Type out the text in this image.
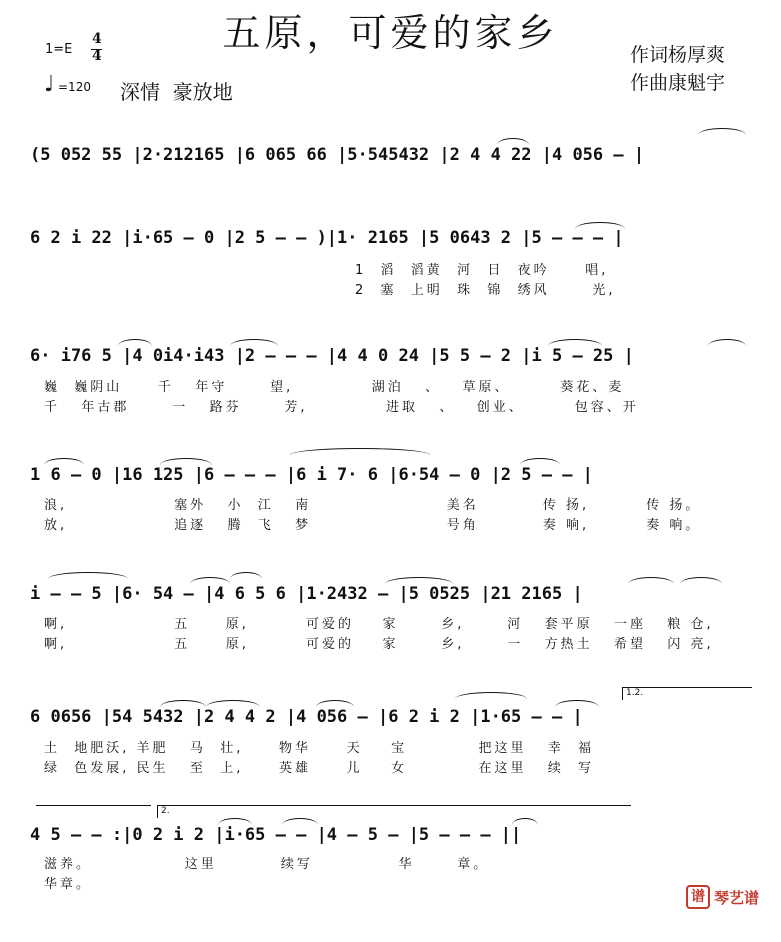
五原，可爱的家乡
1=E
4
4
♩ =120 深情  豪放地
作词杨厚爽
作曲康魁宇
(5 052 55 |2·212165 |6 065 66 |5·545432 |2 4 4 22 |4 056 — |
6 2 i 22 |i·65 — 0 |2 5 — — )|1· 2165 |5 0643 2 |5 — — — |
1  滔  滔黄  河  日  夜吟     唱,
2  塞  上明  珠  锦  绣风      光,
6· i76 5 |4 0i4·i43 |2 — — — |4 4 0 24 |5 5 — 2 |i 5 — 25 |
巍  巍阴山     千   年守      望,           湖泊   、   草原、       葵花、麦
千   年古郡      一   路芬      芳,           进取   、   创业、       包容、开
1 6 — 0 |16 125 |6 — — — |6 i 7· 6 |6·54 — 0 |2 5 — — |
浪,               塞外   小  江   南                   美名         传 扬,        传 扬。
放,               追逐   腾  飞   梦                   号角         奏 响,        奏 响。
i — — 5 |6· 54 — |4 6 5 6 |1·2432 — |5 0525 |21 2165 |
啊,               五     原,        可爱的    家      乡,      河   套平原   一座   粮 仓,
啊,               五     原,        可爱的    家      乡,      一   方热土   希望   闪 亮,
1.2.
6 0656 |54 5432 |2 4 4 2 |4 056 — |6 2 i 2 |1·65 — — |
土  地肥沃, 羊肥   马  壮,     物华     天    宝          把这里   幸  福
绿  色发展, 民生   至  上,     英雄     儿    女          在这里   续  写
2.
4 5 — — :|0 2 i 2 |i·65 — — |4 — 5 — |5 — — — ||
滋养。             这里         续写            华      章。
华章。

谱

琴艺谱
